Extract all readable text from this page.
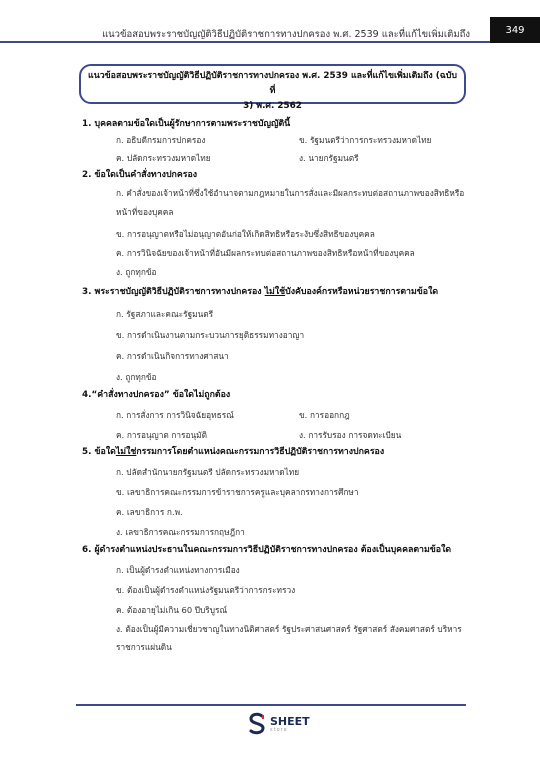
แนวข้อสอบพระราชบัญญัติวิธีปฏิบัติราชการทางปกครอง พ.ศ. 2539 และที่แก้ไขเพิ่มเติมถึง	349
แนวข้อสอบพระราชบัญญัติวิธีปฏิบัติราชการทางปกครอง พ.ศ. 2539 และที่แก้ไขเพิ่มเติมถึง (ฉบับที่
3) พ.ศ. 2562
1. บุคคลตามข้อใดเป็นผู้รักษาการตามพระราชบัญญัตินี้
ก. อธิบดีกรมการปกครอง	ข. รัฐมนตรีว่าการกระทรวงมหาดไทย
ค. ปลัดกระทรวงมหาดไทย	ง. นายกรัฐมนตรี
2. ข้อใดเป็นคำสั่งทางปกครอง
ก. คำสั่งของเจ้าหน้าที่ซึ่งใช้อำนาจตามกฎหมายในการสั่งและมีผลกระทบต่อสถานภาพของสิทธิหรือหน้าที่ของบุคคล
ข. การอนุญาตหรือไม่อนุญาตอันก่อให้เกิดสิทธิหรือระงับซึ่งสิทธิของบุคคล
ค. การวินิจฉัยของเจ้าหน้าที่อันมีผลกระทบต่อสถานภาพของสิทธิหรือหน้าที่ของบุคคล
ง. ถูกทุกข้อ
3. พระราชบัญญัติวิธีปฏิบัติราชการทางปกครอง ไม่ใช้บังคับองค์กรหรือหน่วยราชการตามข้อใด
ก. รัฐสภาและคณะรัฐมนตรี
ข. การดำเนินงานตามกระบวนการยุติธรรมทางอาญา
ค. การดำเนินกิจการทางศาสนา
ง. ถูกทุกข้อ
4.“คำสั่งทางปกครอง” ข้อใดไม่ถูกต้อง
ก. การสั่งการ การวินิจฉัยอุทธรณ์	ข. การออกกฎ
ค. การอนุญาต การอนุมัติ	ง. การรับรอง การจดทะเบียน
5. ข้อใดไม่ใช่กรรมการโดยตำแหน่งคณะกรรมการวิธีปฏิบัติราชการทางปกครอง
ก. ปลัดสำนักนายกรัฐมนตรี ปลัดกระทรวงมหาดไทย
ข. เลขาธิการคณะกรรมการข้าราชการครูและบุคลากรทางการศึกษา
ค. เลขาธิการ ก.พ.
ง. เลขาธิการคณะกรรมการกฤษฎีกา
6. ผู้ดำรงตำแหน่งประธานในคณะกรรมการวิธีปฏิบัติราชการทางปกครอง ต้องเป็นบุคคลตามข้อใด
ก. เป็นผู้ดำรงตำแหน่งทางการเมือง
ข. ต้องเป็นผู้ดำรงตำแหน่งรัฐมนตรีว่าการกระทรวง
ค. ต้องอายุไม่เกิน 60 ปีบริบูรณ์
ง. ต้องเป็นผู้มีความเชี่ยวชาญในทางนิติศาสตร์ รัฐประศาสนศาสตร์ รัฐศาสตร์ สังคมศาสตร์ บริหารราชการแผ่นดิน
SHEET
store
